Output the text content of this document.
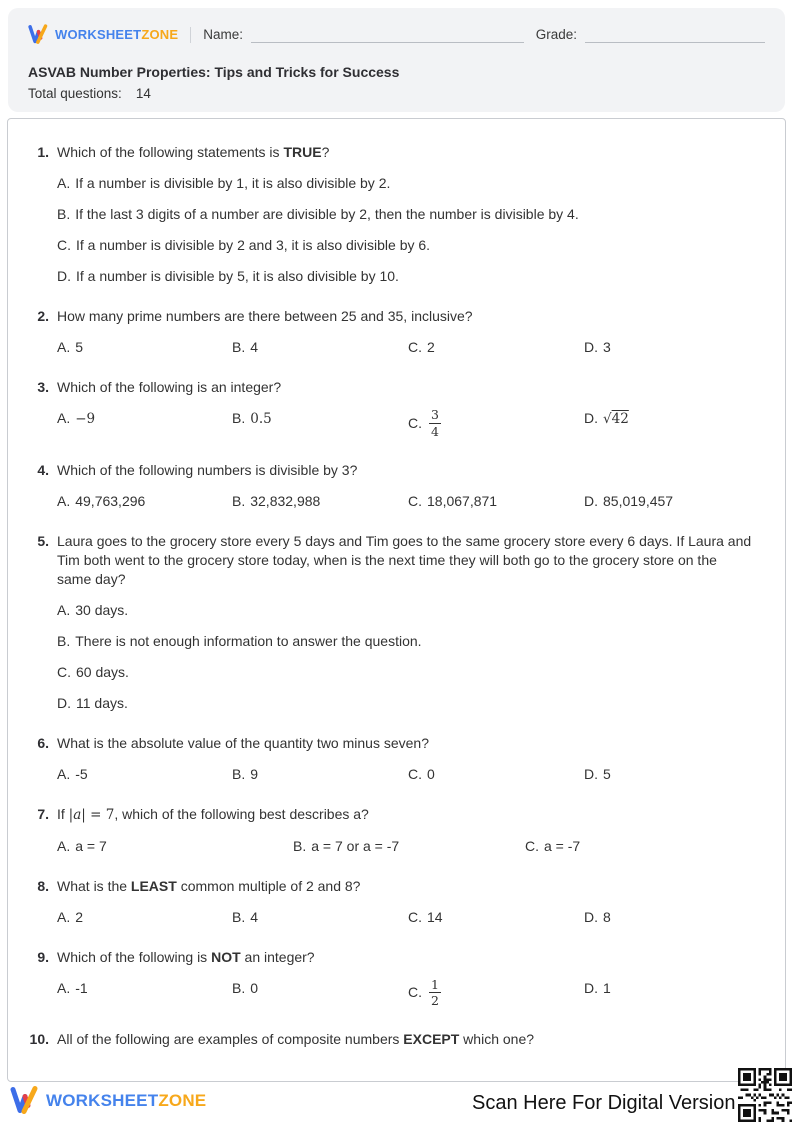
WORKSHEETZONE Name:	Grade:
ASVAB Number Properties: Tips and Tricks for Success
Total questions: 14
1. Which of the following statements is TRUE?
A. If a number is divisible by 1, it is also divisible by 2.
B. If the last 3 digits of a number are divisible by 2, then the number is divisible by 4.
C. If a number is divisible by 2 and 3, it is also divisible by 6.
D. If a number is divisible by 5, it is also divisible by 10.
2. How many prime numbers are there between 25 and 35, inclusive?
A. 5	B. 4	C. 2	D. 3
3. Which of the following is an integer?
A. −9	B. 0.5	C. $\frac{3}{4}$	D. √42
4. Which of the following numbers is divisible by 3?
A. 49,763,296	B. 32,832,988	C. 18,067,871	D. 85,019,457
5. Laura goes to the grocery store every 5 days and Tim goes to the same grocery store every 6 days. If Laura and Tim both went to the grocery store today, when is the next time they will both go to the grocery store on the same day?
A. 30 days.
B. There is not enough information to answer the question.
C. 60 days.
D. 11 days.
6. What is the absolute value of the quantity two minus seven?
A. -5	B. 9	C. 0	D. 5
7. If |a| = 7, which of the following best describes a?
A. a = 7	B. a = 7 or a = -7	C. a = -7
8. What is the LEAST common multiple of 2 and 8?
A. 2	B. 4	C. 14	D. 8
9. Which of the following is NOT an integer?
A. -1	B. 0	C. $\frac{1}{2}$	D. 1
10. All of the following are examples of composite numbers EXCEPT which one?
WORKSHEETZONE	Scan Here For Digital Version
